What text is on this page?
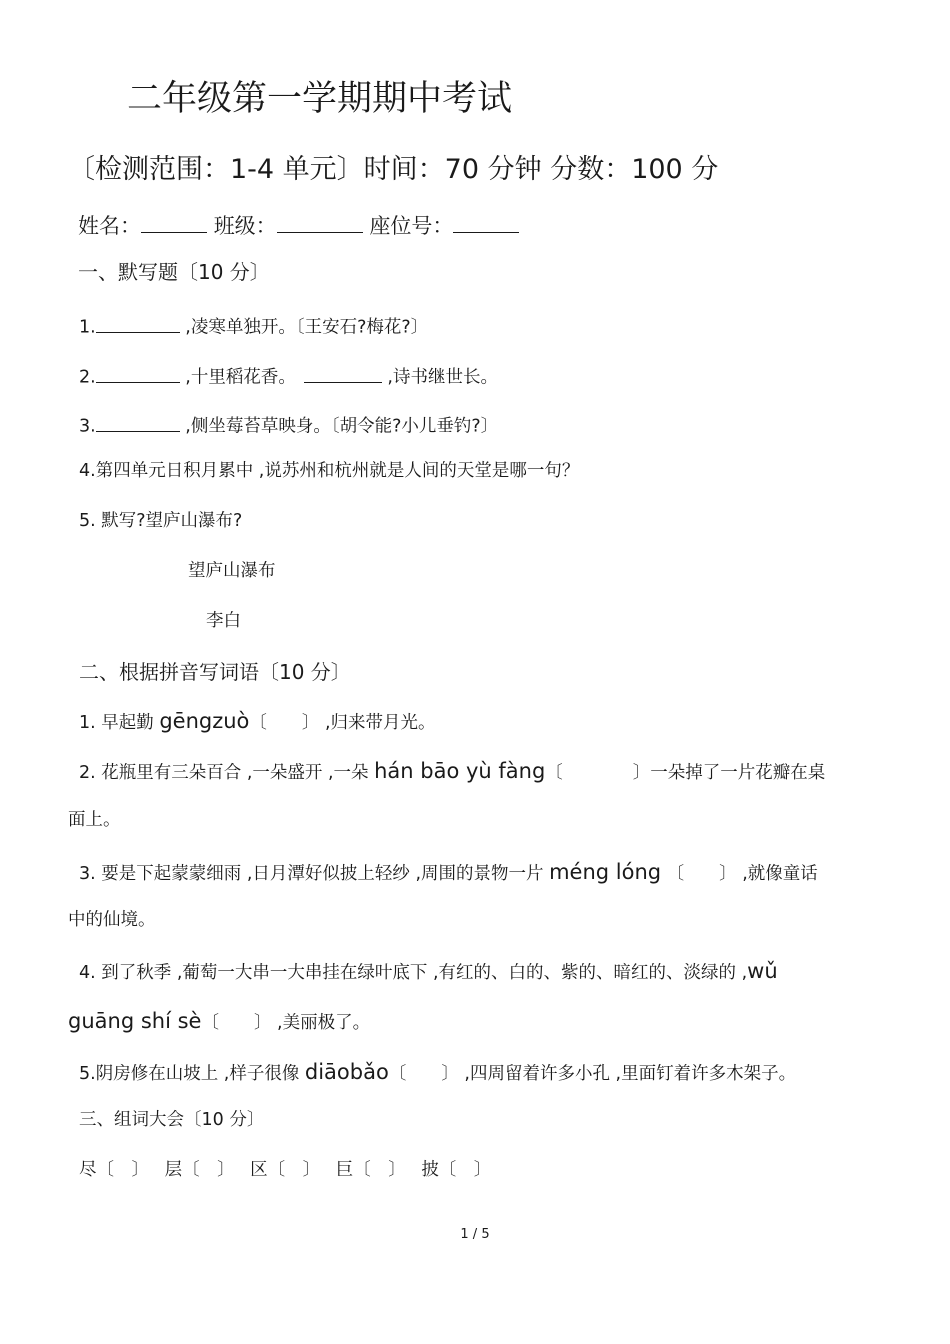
二年级第一学期期中考试
〔检测范围：1-4 单元〕时间：70 分钟 分数：100 分
姓名：	班级：	座位号：
一、默写题〔10 分〕
1.	,凌寒单独开。〔王安石?梅花?〕
2.	,十里稻花香。	,诗书继世长。
3.	,侧坐莓苔草映身。〔胡令能?小儿垂钓?〕
4.第四单元日积月累中 ,说苏州和杭州就是人间的天堂是哪一句？
5. 默写?望庐山瀑布?
望庐山瀑布
李白
二、根据拼音写词语〔10 分〕
1. 早起勤 gēngzuò〔　　〕 ,归来带月光。
2. 花瓶里有三朵百合 ,一朵盛开 ,一朵 hán bāo yù fàng〔　　　　〕一朵掉了一片花瓣在桌
面上。
3. 要是下起蒙蒙细雨 ,日月潭好似披上轻纱 ,周围的景物一片 méng lóng 〔　　〕 ,就像童话
中的仙境。
4. 到了秋季 ,葡萄一大串一大串挂在绿叶底下 ,有红的、白的、紫的、暗红的、淡绿的 ,wǔ
guāng shí sè〔　　〕 ,美丽极了。
5.阴房修在山坡上 ,样子很像 diāobǎo〔　　〕 ,四周留着许多小孔 ,里面钉着许多木架子。
三、组词大会〔10 分〕
尽〔　〕 层〔　〕 区〔　〕 巨〔　〕 披〔　〕
1 / 5
